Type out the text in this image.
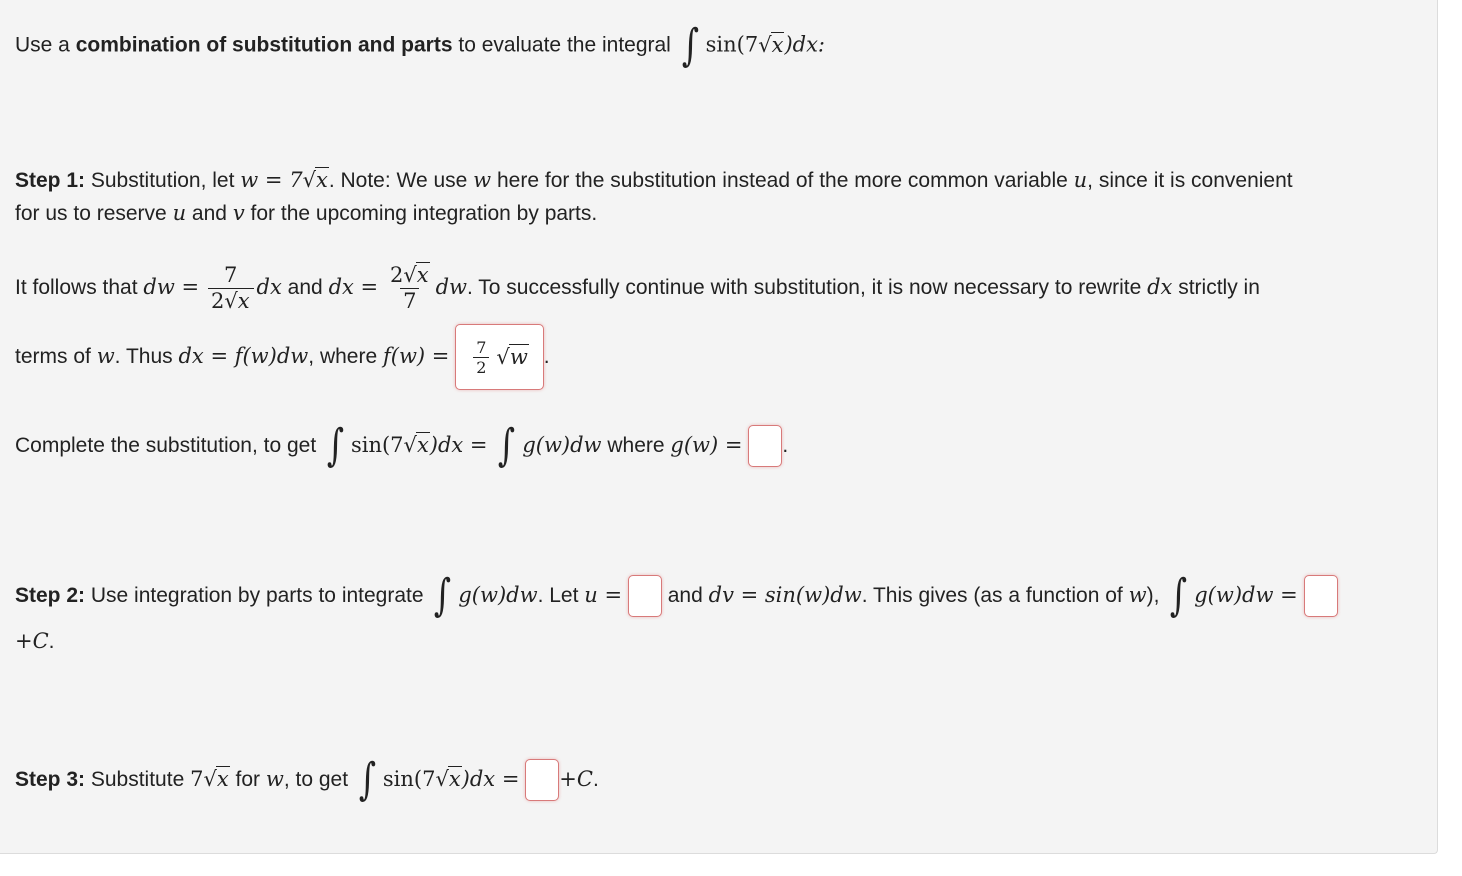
Use a combination of substitution and parts to evaluate the integral ∫ sin(7√x)dx:
Step 1: Substitution, let w = 7√x. Note: We use w here for the substitution instead of the more common variable u, since it is convenient
for us to reserve u and v for the upcoming integration by parts.
It follows that dw = $\frac{7}{2√x}$ dx and dx = $\frac{2√x}{7}$ dw. To successfully continue with substitution, it is now necessary to rewrite dx strictly in
terms of w. Thus dx = f(w)dw, where $f(w) = \frac{7}{2} √w$ .
Complete the substitution, to get ∫ sin(7√x)dx = ∫ g(w)dw where g(w) = .
Step 2: Use integration by parts to integrate ∫ g(w)dw. Let u = and dv = sin(w)dw. This gives (as a function of w), ∫ g(w)dw =
+C.
Step 3: Substitute 7√x for w, to get ∫ sin(7√x)dx = +C.
